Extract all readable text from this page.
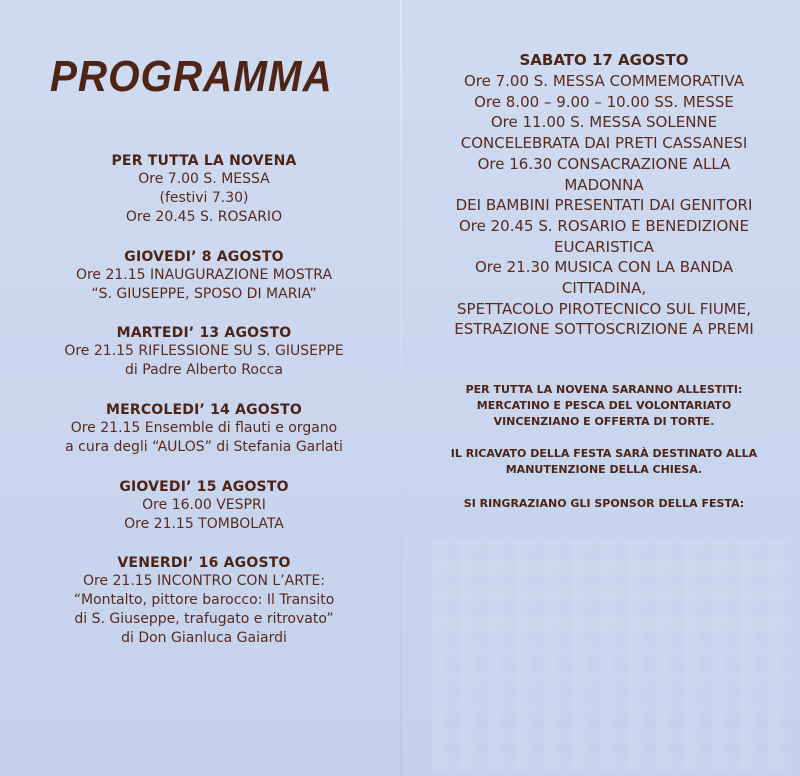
PROGRAMMA
PER TUTTA LA NOVENA
Ore 7.00 S. MESSA
(festivi 7.30)
Ore 20.45 S. ROSARIO
GIOVEDI’ 8 AGOSTO
Ore 21.15 INAUGURAZIONE MOSTRA
“S. GIUSEPPE, SPOSO DI MARIA”
MARTEDI’ 13 AGOSTO
Ore 21.15 RIFLESSIONE SU S. GIUSEPPE
di Padre Alberto Rocca
MERCOLEDI’ 14 AGOSTO
Ore 21.15 Ensemble di flauti e organo
a cura degli “AULOS” di Stefania Garlati
GIOVEDI’ 15 AGOSTO
Ore 16.00 VESPRI
Ore 21.15 TOMBOLATA
VENERDI’ 16 AGOSTO
Ore 21.15 INCONTRO CON L’ARTE:
“Montalto, pittore barocco: Il Transito
di S. Giuseppe, trafugato e ritrovato”
di Don Gianluca Gaiardi
SABATO 17 AGOSTO
Ore 7.00 S. MESSA COMMEMORATIVA
Ore 8.00 – 9.00 – 10.00 SS. MESSE
Ore 11.00 S. MESSA SOLENNE
CONCELEBRATA DAI PRETI CASSANESI
Ore 16.30 CONSACRAZIONE ALLA
MADONNA
DEI BAMBINI PRESENTATI DAI GENITORI
Ore 20.45 S. ROSARIO E BENEDIZIONE
EUCARISTICA
Ore 21.30 MUSICA CON LA BANDA
CITTADINA,
SPETTACOLO PIROTECNICO SUL FIUME,
ESTRAZIONE SOTTOSCRIZIONE A PREMI
PER TUTTA LA NOVENA SARANNO ALLESTITI:
MERCATINO E PESCA DEL VOLONTARIATO
VINCENZIANO E OFFERTA DI TORTE.
IL RICAVATO DELLA FESTA SARÀ DESTINATO ALLA
MANUTENZIONE DELLA CHIESA.
SI RINGRAZIANO GLI SPONSOR DELLA FESTA:
